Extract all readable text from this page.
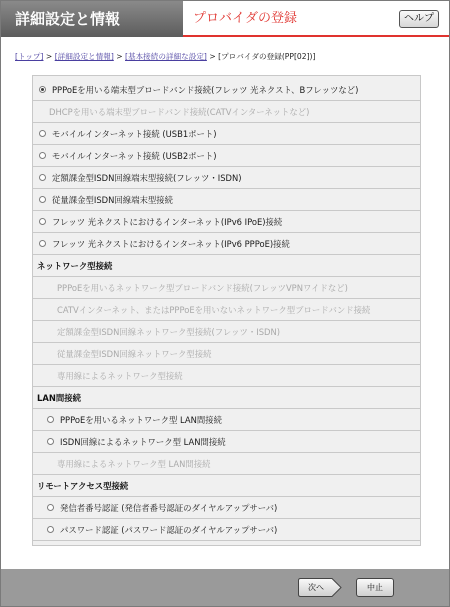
詳細設定と情報	プロバイダの登録	ヘルプ
[トップ] > [詳細設定と情報] > [基本接続の詳細な設定] > [プロバイダの登録(PP[02])]
PPPoEを用いる端末型ブロードバンド接続(フレッツ 光ネクスト、Bフレッツなど)
DHCPを用いる端末型ブロードバンド接続(CATVインターネットなど)
モバイルインターネット接続 (USB1ポート)
モバイルインターネット接続 (USB2ポート)
定額課金型ISDN回線端末型接続(フレッツ・ISDN)
従量課金型ISDN回線端末型接続
フレッツ 光ネクストにおけるインターネット(IPv6 IPoE)接続
フレッツ 光ネクストにおけるインターネット(IPv6 PPPoE)接続
ネットワーク型接続
PPPoEを用いるネットワーク型ブロードバンド接続(フレッツVPNワイドなど)
CATVインターネット、またはPPPoEを用いないネットワーク型ブロードバンド接続
定額課金型ISDN回線ネットワーク型接続(フレッツ・ISDN)
従量課金型ISDN回線ネットワーク型接続
専用線によるネットワーク型接続
LAN間接続
PPPoEを用いるネットワーク型 LAN間接続
ISDN回線によるネットワーク型 LAN間接続
専用線によるネットワーク型 LAN間接続
リモートアクセス型接続
発信者番号認証 (発信者番号認証のダイヤルアップサーバ)
パスワード認証 (パスワード認証のダイヤルアップサーバ)
次へ	中止
